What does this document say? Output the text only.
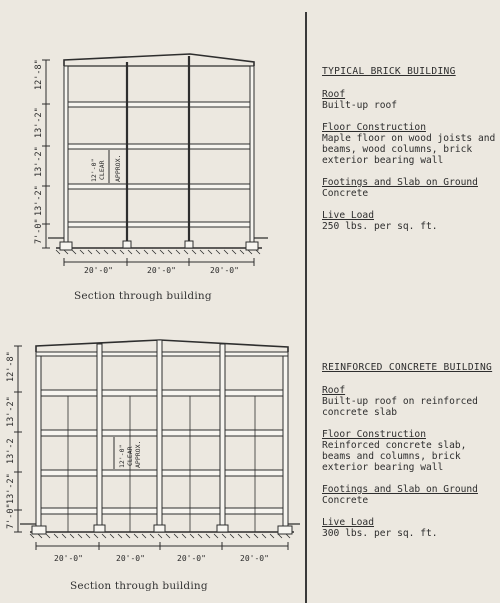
12'-8"
13'-2"
13'-2"
13'-2"
7'-0"
12'-0" CLEAR APPROX.
20'-0"	20'-0"	20'-0"
Section through building
12'-8"
13'-2"
13'-2
13'-2"
7'-0"
12'-0" CLEAR APPROX.
20'-0"	20'-0"	20'-0"	20'-0"
Section through building
TYPICAL BRICK BUILDING
Roof
Built-up roof
Floor Construction
Maple floor on wood joists and beams, wood columns, brick exterior bearing wall
Footings and Slab on Ground
Concrete
Live Load
250 lbs. per sq. ft.
REINFORCED CONCRETE BUILDING
Roof
Built-up roof on reinforced concrete slab
Floor Construction
Reinforced concrete slab, beams and columns, brick exterior bearing wall
Footings and Slab on Ground
Concrete
Live Load
300 lbs. per sq. ft.
